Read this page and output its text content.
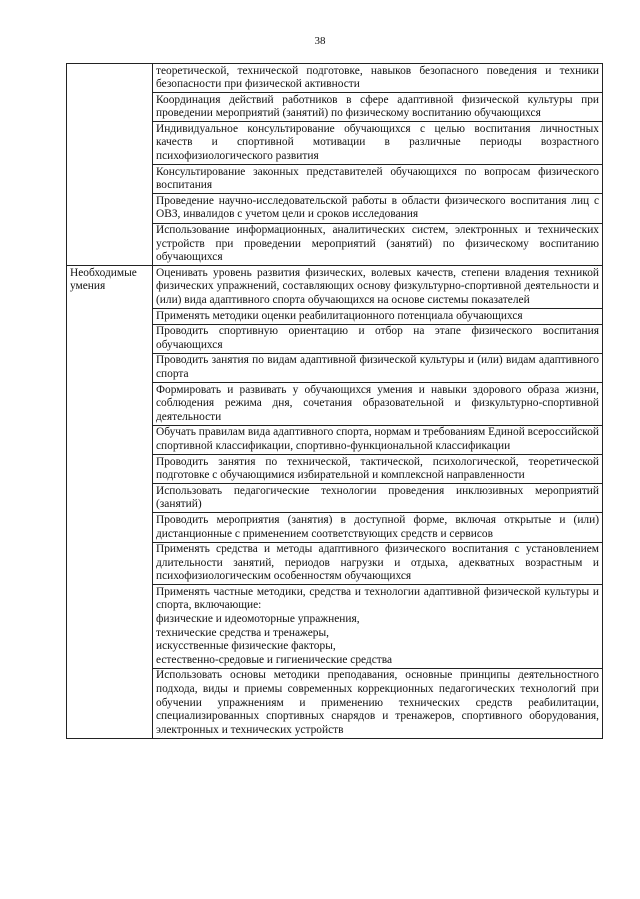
38
	теоретической, технической подготовке, навыков безопасного поведения и техники безопасности при физической активности
	Координация действий работников в сфере адаптивной физической культуры при проведении мероприятий (занятий) по физическому воспитанию обучающихся
	Индивидуальное консультирование обучающихся с целью воспитания личностных качеств и спортивной мотивации в различные периоды возрастного психофизиологического развития
	Консультирование законных представителей обучающихся по вопросам физического воспитания
	Проведение научно-исследовательской работы в области физического воспитания лиц с ОВЗ, инвалидов с учетом цели и сроков исследования
	Использование информационных, аналитических систем, электронных и технических устройств при проведении мероприятий (занятий) по физическому воспитанию обучающихся
Необходимые умения	Оценивать уровень развития физических, волевых качеств, степени владения техникой физических упражнений, составляющих основу физкультурно-спортивной деятельности и (или) вида адаптивного спорта обучающихся на основе системы показателей
	Применять методики оценки реабилитационного потенциала обучающихся
	Проводить спортивную ориентацию и отбор на этапе физического воспитания обучающихся
	Проводить занятия по видам адаптивной физической культуры и (или) видам адаптивного спорта
	Формировать и развивать у обучающихся умения и навыки здорового образа жизни, соблюдения режима дня, сочетания образовательной и физкультурно-спортивной деятельности
	Обучать правилам вида адаптивного спорта, нормам и требованиям Единой всероссийской спортивной классификации, спортивно-функциональной классификации
	Проводить занятия по технической, тактической, психологической, теоретической подготовке с обучающимися избирательной и комплексной направленности
	Использовать педагогические технологии проведения инклюзивных мероприятий (занятий)
	Проводить мероприятия (занятия) в доступной форме, включая открытые и (или) дистанционные с применением соответствующих средств и сервисов
	Применять средства и методы адаптивного физического воспитания с установлением длительности занятий, периодов нагрузки и отдыха, адекватных возрастным и психофизиологическим особенностям обучающихся

	Применять частные методики, средства и технологии адаптивной физической культуры и спорта, включающие:
физические и идеомоторные упражнения,
технические средства и тренажеры,
искусственные физические факторы,
естественно-средовые и гигиенические средства

	Использовать основы методики преподавания, основные принципы деятельностного подхода, виды и приемы современных коррекционных педагогических технологий при обучении упражнениям и применению технических средств реабилитации, специализированных спортивных снарядов и тренажеров, спортивного оборудования, электронных и технических устройств
